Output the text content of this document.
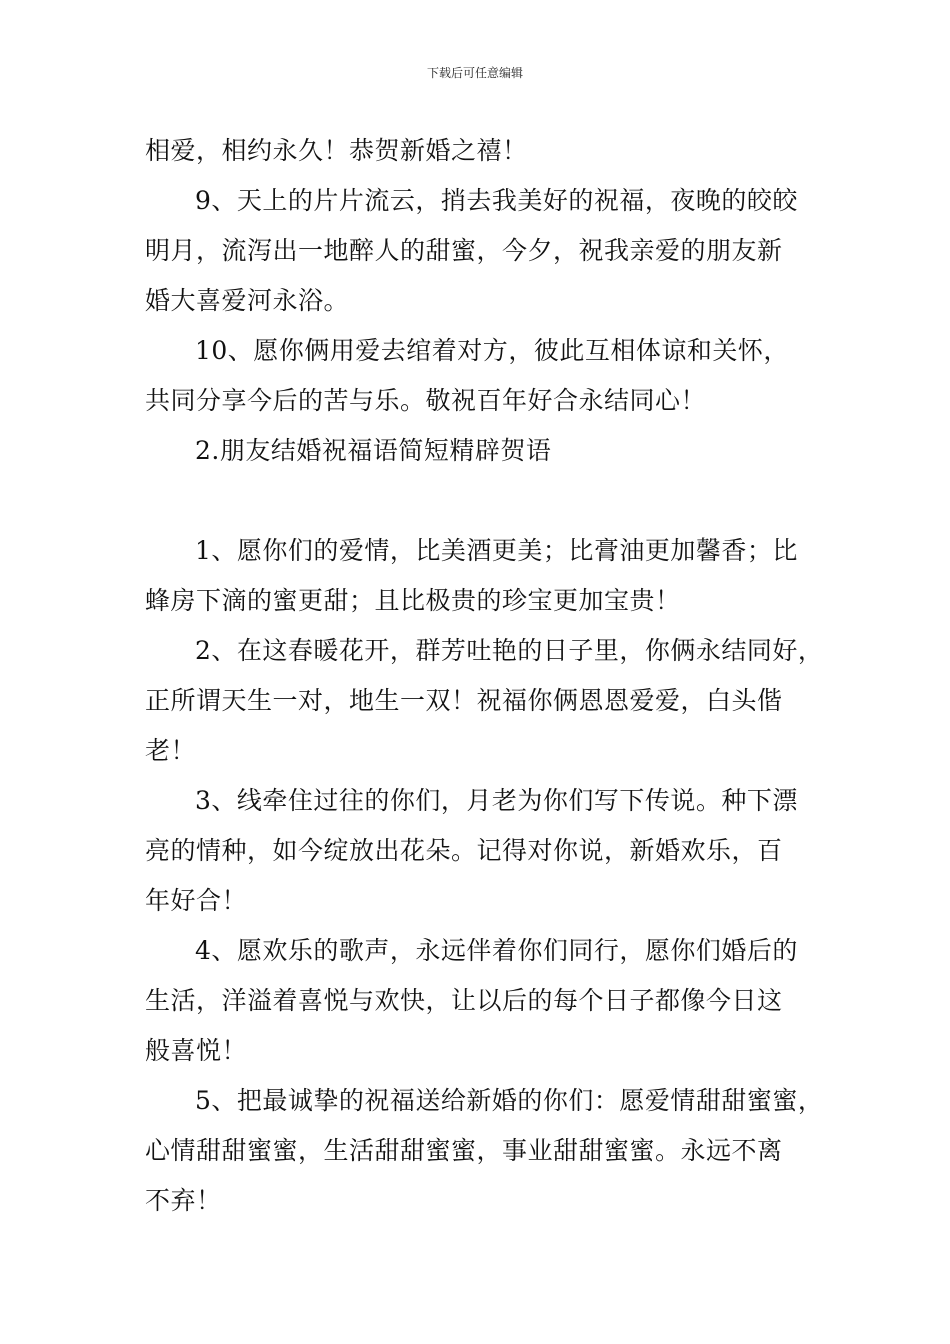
下载后可任意编辑

相爱，相约永久！恭贺新婚之禧！

9、天上的片片流云，捎去我美好的祝福，夜晚的皎皎
明月，流泻出一地醉人的甜蜜，今夕，祝我亲爱的朋友新
婚大喜爱河永浴。

10、愿你俩用爱去绾着对方，彼此互相体谅和关怀，
共同分享今后的苦与乐。敬祝百年好合永结同心！

2.朋友结婚祝福语简短精辟贺语

1、愿你们的爱情，比美酒更美；比膏油更加馨香；比
蜂房下滴的蜜更甜；且比极贵的珍宝更加宝贵！

2、在这春暖花开，群芳吐艳的日子里，你俩永结同好，
正所谓天生一对，地生一双！祝福你俩恩恩爱爱，白头偕
老！

3、线牵住过往的你们，月老为你们写下传说。种下漂
亮的情种，如今绽放出花朵。记得对你说，新婚欢乐，百
年好合！

4、愿欢乐的歌声，永远伴着你们同行，愿你们婚后的
生活，洋溢着喜悦与欢快，让以后的每个日子都像今日这
般喜悦！

5、把最诚挚的祝福送给新婚的你们：愿爱情甜甜蜜蜜，
心情甜甜蜜蜜，生活甜甜蜜蜜，事业甜甜蜜蜜。永远不离
不弃！
